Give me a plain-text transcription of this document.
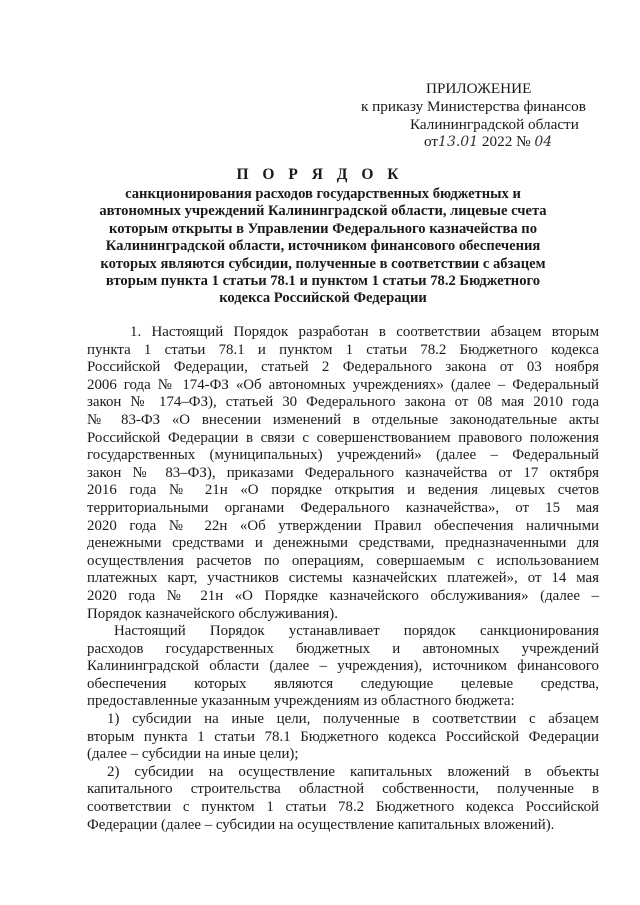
ПРИЛОЖЕНИЕ
к приказу Министерства финансов
Калининградской области
от13.01 2022 № 04
П О Р Я Д О К
санкционирования расходов государственных бюджетных и
автономных учреждений Калининградской области, лицевые счета
которым открыты в Управлении Федерального казначейства по
Калининградской области, источником финансового обеспечения
которых являются субсидии, полученные в соответствии с абзацем
вторым пункта 1 статьи 78.1 и пунктом 1 статьи 78.2 Бюджетного
кодекса Российской Федерации
1. Настоящий Порядок разработан в соответствии абзацем вторым
пункта 1 статьи 78.1 и пунктом 1 статьи 78.2 Бюджетного кодекса
Российской Федерации, статьей 2 Федерального закона от 03 ноября
2006 года № 174-ФЗ «Об автономных учреждениях» (далее – Федеральный
закон № 174–ФЗ), статьей 30 Федерального закона от 08 мая 2010 года
№ 83-ФЗ «О внесении изменений в отдельные законодательные акты
Российской Федерации в связи с совершенствованием правового положения
государственных (муниципальных) учреждений» (далее – Федеральный
закон № 83–ФЗ), приказами Федерального казначейства от 17 октября
2016 года № 21н «О порядке открытия и ведения лицевых счетов
территориальными органами Федерального казначейства», от 15 мая
2020 года № 22н «Об утверждении Правил обеспечения наличными
денежными средствами и денежными средствами, предназначенными для
осуществления расчетов по операциям, совершаемым с использованием
платежных карт, участников системы казначейских платежей», от 14 мая
2020 года № 21н «О Порядке казначейского обслуживания» (далее –
Порядок казначейского обслуживания).
Настоящий Порядок устанавливает порядок санкционирования
расходов государственных бюджетных и автономных учреждений
Калининградской области (далее – учреждения), источником финансового
обеспечения которых являются следующие целевые средства,
предоставленные указанным учреждениям из областного бюджета:
1) субсидии на иные цели, полученные в соответствии с абзацем
вторым пункта 1 статьи 78.1 Бюджетного кодекса Российской Федерации
(далее – субсидии на иные цели);
2) субсидии на осуществление капитальных вложений в объекты
капитального строительства областной собственности, полученные в
соответствии с пунктом 1 статьи 78.2 Бюджетного кодекса Российской
Федерации (далее – субсидии на осуществление капитальных вложений).
